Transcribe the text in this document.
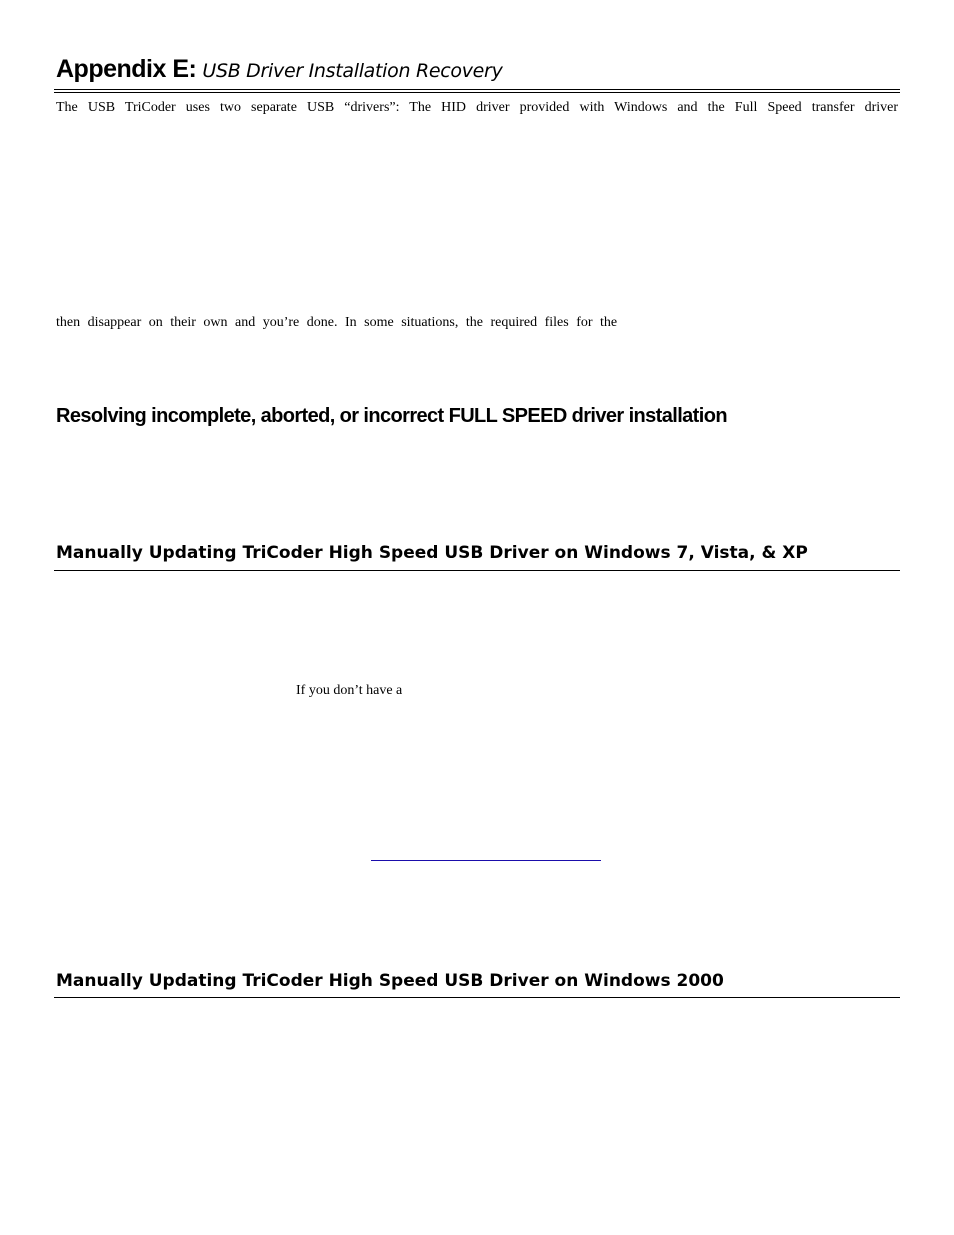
Appendix E: USB Driver Installation Recovery
The USB TriCoder uses two separate USB “drivers”: The HID driver provided with Windows and the Full Speed transfer driver
then disappear on their own and you’re done. In some situations, the required files for the
Resolving incomplete, aborted, or incorrect FULL SPEED driver installation
Manually Updating TriCoder High Speed USB Driver on Windows 7, Vista, & XP
If you don’t have a
Manually Updating TriCoder High Speed USB Driver on Windows 2000
